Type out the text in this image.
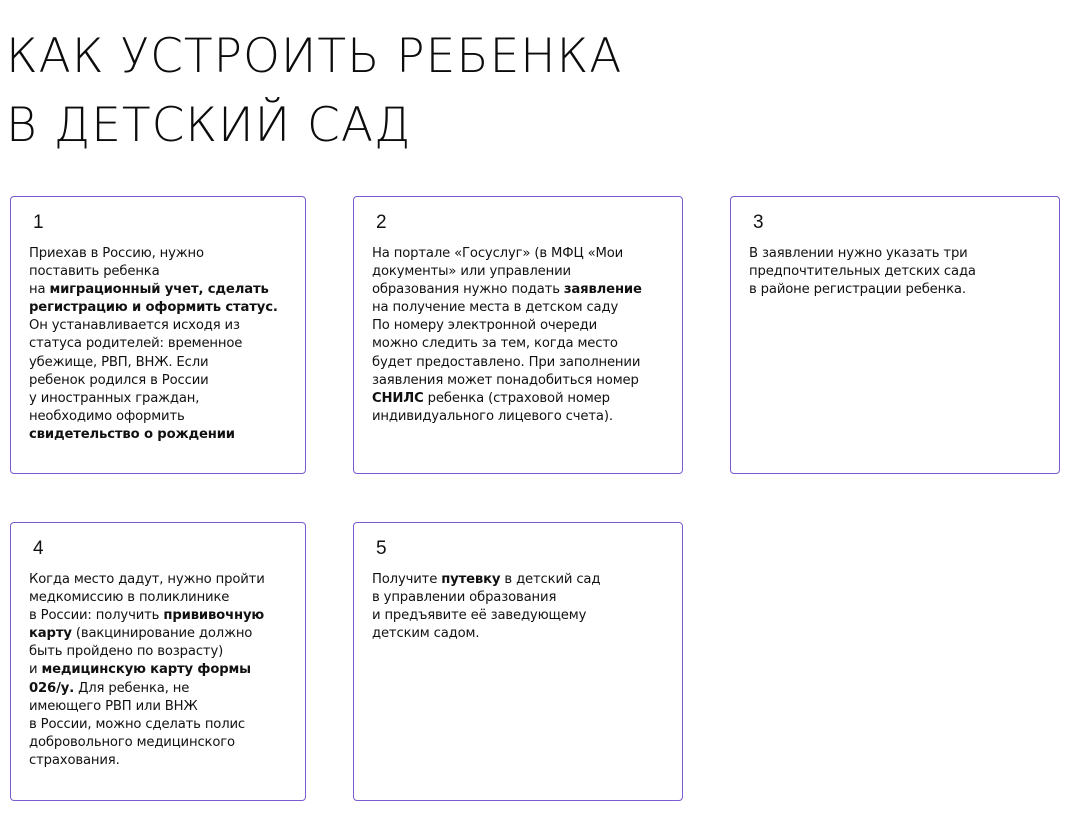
КАК УСТРОИТЬ РЕБЕНКА
В ДЕТСКИЙ САД
1
Приехав в Россию, нужно
поставить ребенка
на миграционный учет, сделать
регистрацию и оформить статус.
Он устанавливается исходя из
статуса родителей: временное
убежище, РВП, ВНЖ. Если
ребенок родился в России
у иностранных граждан,
необходимо оформить
свидетельство о рождении
2
На портале «Госуслуг» (в МФЦ «Мои
документы» или управлении
образования нужно подать заявление
на получение места в детском саду
По номеру электронной очереди
можно следить за тем, когда место
будет предоставлено. При заполнении
заявления может понадобиться номер
СНИЛС ребенка (страховой номер
индивидуального лицевого счета).
3
В заявлении нужно указать три
предпочтительных детских сада
в районе регистрации ребенка.
4
Когда место дадут, нужно пройти
медкомиссию в поликлинике
в России: получить прививочную
карту (вакцинирование должно
быть пройдено по возрасту)
и медицинскую карту формы
026/у. Для ребенка, не
имеющего РВП или ВНЖ
в России, можно сделать полис
добровольного медицинского
страхования.
5
Получите путевку в детский сад
в управлении образования
и предъявите её заведующему
детским садом.
